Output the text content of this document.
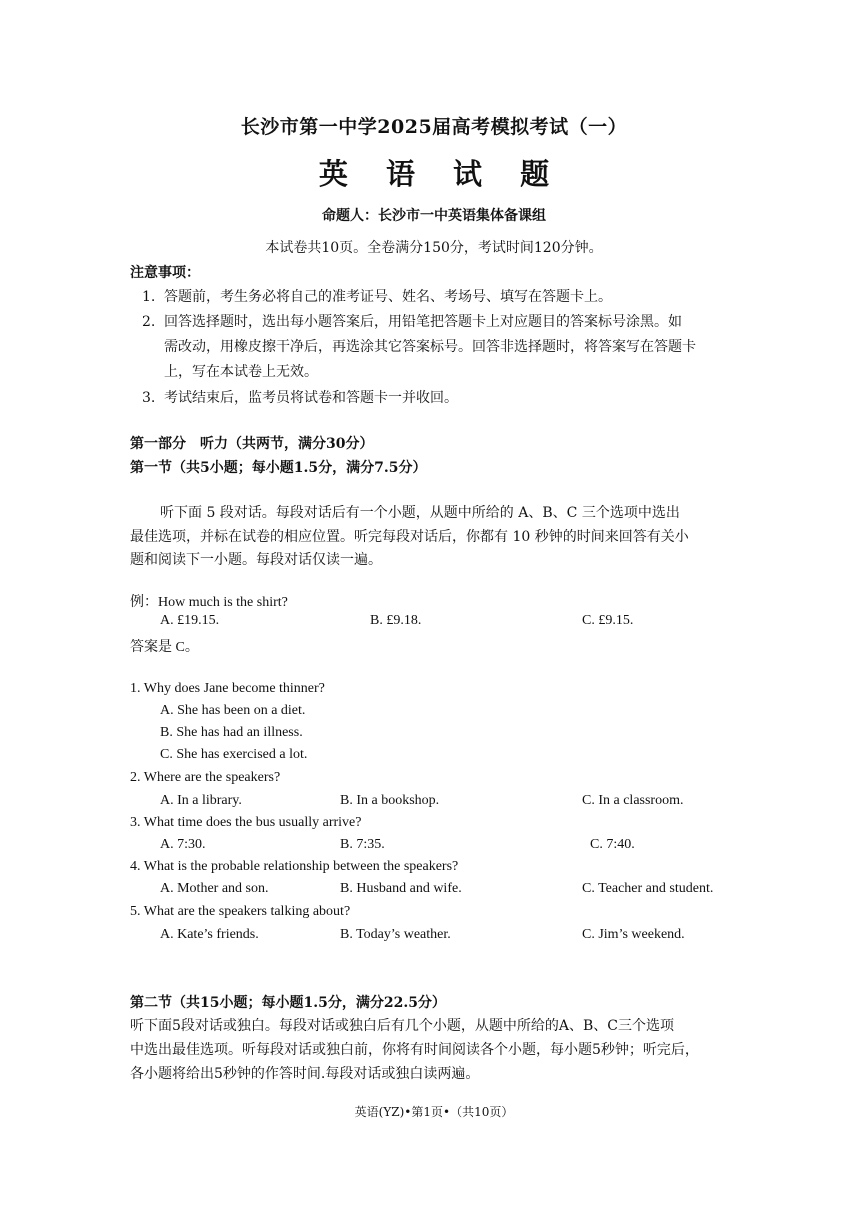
长沙市第一中学2025届高考模拟考试（一）
英 语 试 题
命题人：长沙市一中英语集体备课组
本试卷共10页。全卷满分150分，考试时间120分钟。
注意事项：
1. 答题前，考生务必将自己的准考证号、姓名、考场号、填写在答题卡上。
2. 回答选择题时，选出每小题答案后，用铅笔把答题卡上对应题目的答案标号涂黑。如
需改动，用橡皮擦干净后，再选涂其它答案标号。回答非选择题时，将答案写在答题卡
上，写在本试卷上无效。
3. 考试结束后，监考员将试卷和答题卡一并收回。
第一部分　听力（共两节，满分30分）
第一节（共5小题；每小题1.5分，满分7.5分）
听下面 5 段对话。每段对话后有一个小题，从题中所给的 A、B、C 三个选项中选出
最佳选项，并标在试卷的相应位置。听完每段对话后，你都有 10 秒钟的时间来回答有关小
题和阅读下一小题。每段对话仅读一遍。
例：How much is the shirt?
A. £19.15.	B. £9.18.	C. £9.15.
答案是 C。
1. Why does Jane become thinner?
A. She has been on a diet.
B. She has had an illness.
C. She has exercised a lot.
2. Where are the speakers?
A. In a library.	B. In a bookshop.	C. In a classroom.
3. What time does the bus usually arrive?
A. 7:30.	B. 7:35.	C. 7:40.
4. What is the probable relationship between the speakers?
A. Mother and son.	B. Husband and wife.	C. Teacher and student.
5. What are the speakers talking about?
A. Kate’s friends.	B. Today’s weather.	C. Jim’s weekend.
第二节（共15小题；每小题1.5分，满分22.5分）
听下面5段对话或独白。每段对话或独白后有几个小题，从题中所给的A、B、C三个选项
中选出最佳选项。听每段对话或独白前，你将有时间阅读各个小题，每小题5秒钟；听完后，
各小题将给出5秒钟的作答时间.每段对话或独白读两遍。
英语(YZ)•第1页•（共10页）
